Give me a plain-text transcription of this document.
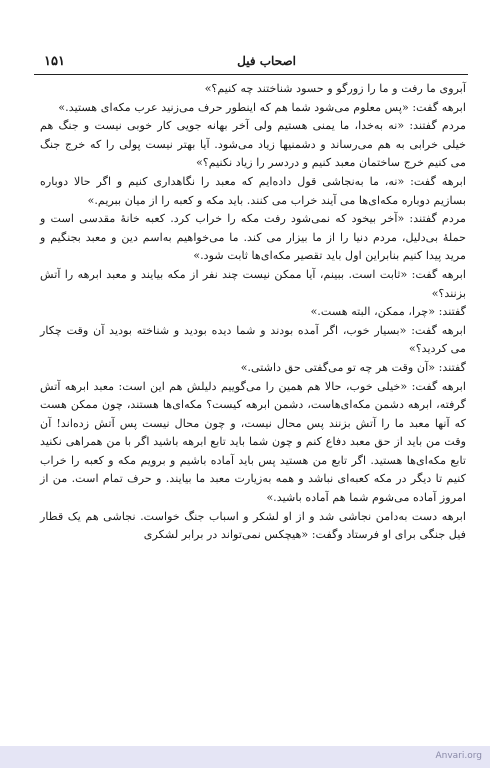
اصحاب فیل
۱۵۱

آبروی ما رفت و ما را زورگو و حسود شناختند چه کنیم؟»

ابرهه گفت: «پس معلوم می‌شود شما هم که اینطور حرف می‌زنید عرب مکه‌ای هستید.»

مردم گفتند: «نه به‌خدا، ما یمنی هستیم ولی آخر بهانه جویی کار خوبی نیست و جنگ هم خیلی خرابی به هم می‌رساند و دشمنیها زیاد می‌شود. آیا بهتر نیست پولی را که خرج جنگ می کنیم خرج ساختمان معبد کنیم و دردسر را زیاد نکنیم؟»

ابرهه گفت: «نه، ما به‌نجاشی قول داده‌ایم که معبد را نگاهداری کنیم و اگر حالا دوباره بسازیم دوباره مکه‌ای‌ها می آیند خراب می کنند. باید مکه و کعبه را از میان ببریم.»

مردم گفتند: «آخر بیخود که نمی‌شود رفت مکه را خراب کرد. کعبه خانهٔ مقدسی است و حملهٔ بی‌دلیل، مردم دنیا را از ما بیزار می کند. ما می‌خواهیم به‌اسم دین و معبد بجنگیم و مرید پیدا کنیم بنابراین اول باید تقصیر مکه‌ای‌ها ثابت شود.»

ابرهه گفت: «ثابت است. ببینم، آیا ممکن نیست چند نفر از مکه بیایند و معبد ابرهه را آتش بزنند؟»

گفتند: «چرا، ممکن، البته هست.»

ابرهه گفت: «بسیار خوب، اگر آمده بودند و شما دیده بودید و شناخته بودید آن وقت چکار می کردید؟»

گفتند: «آن وقت هر چه تو می‌گفتی حق داشتی.»

ابرهه گفت: «خیلی خوب، حالا هم همین را می‌گوییم دلیلش هم این است: معبد ابرهه آتش گرفته، ابرهه دشمن مکه‌ای‌هاست، دشمن ابرهه کیست؟ مکه‌ای‌ها هستند، چون ممکن هست که آنها معبد ما را آتش بزنند پس محال نیست، و چون محال نیست پس آتش زده‌اند! آن وقت من باید از حق معبد دفاع کنم و چون شما باید تابع ابرهه باشید اگر با من همراهی نکنید تابع مکه‌ای‌ها هستید. اگر تابع من هستید پس باید آماده باشیم و برویم مکه و کعبه را خراب کنیم تا دیگر در مکه کعبه‌ای نباشد و همه به‌زیارت معبد ما بیایند. و حرف تمام است. من از امروز آماده می‌شوم شما هم آماده باشید.»

ابرهه دست به‌دامن نجاشی شد و از او لشکر و اسباب جنگ خواست. نجاشی هم یک قطار فیل جنگی برای او فرستاد وگفت: «هیچکس نمی‌تواند در برابر لشکری

Anvari.org
